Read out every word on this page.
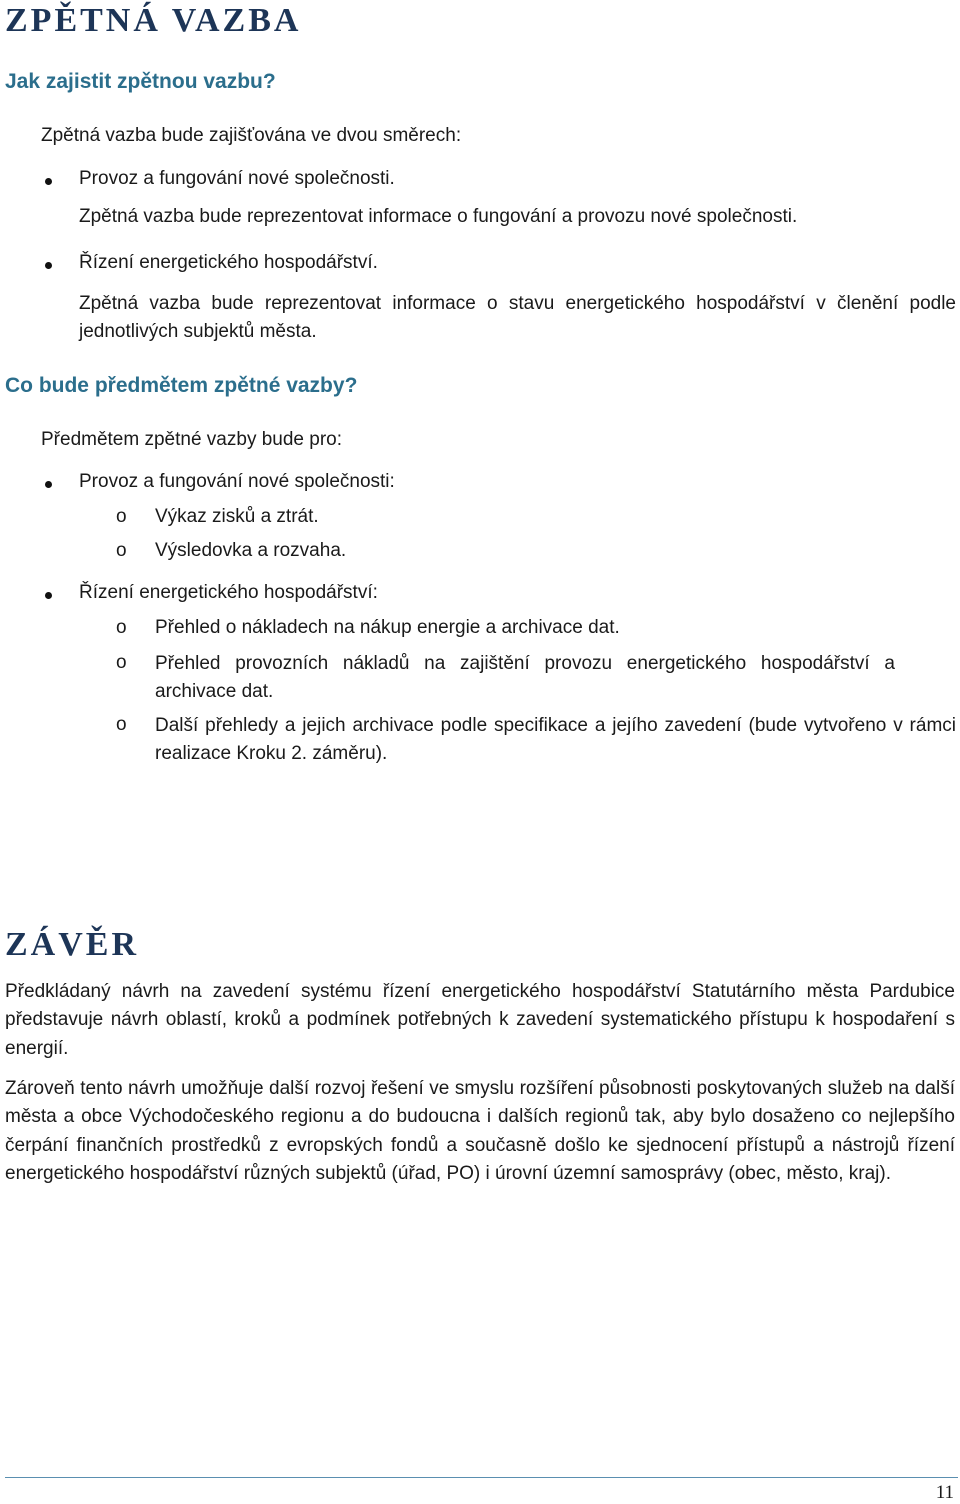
ZPĚTNÁ VAZBA
Jak zajistit zpětnou vazbu?
Zpětná vazba bude zajišťována ve dvou směrech:
Provoz a fungování nové společnosti.
Zpětná vazba bude reprezentovat informace o fungování a provozu nové společnosti.
Řízení energetického hospodářství.
Zpětná vazba bude reprezentovat informace o stavu energetického hospodářství v členění podle jednotlivých subjektů města.
Co bude předmětem zpětné vazby?
Předmětem zpětné vazby bude pro:
Provoz a fungování nové společnosti:
o Výkaz zisků a ztrát.
o Výsledovka a rozvaha.
Řízení energetického hospodářství:
o Přehled o nákladech na nákup energie a archivace dat.
o Přehled provozních nákladů na zajištění provozu energetického hospodářství a archivace dat.
o Další přehledy a jejich archivace podle specifikace a jejího zavedení (bude vytvořeno v rámci realizace Kroku 2. záměru).
ZÁVĚR
Předkládaný návrh na zavedení systému řízení energetického hospodářství Statutárního města Pardubice představuje návrh oblastí, kroků a podmínek potřebných k zavedení systematického přístupu k hospodaření s energií.
Zároveň tento návrh umožňuje další rozvoj řešení ve smyslu rozšíření působnosti poskytovaných služeb na další města a obce Východočeského regionu a do budoucna i dalších regionů tak, aby bylo dosaženo co nejlepšího čerpání finančních prostředků z evropských fondů a současně došlo ke sjednocení přístupů a nástrojů řízení energetického hospodářství různých subjektů (úřad, PO) i úrovní územní samosprávy (obec, město, kraj).
11
